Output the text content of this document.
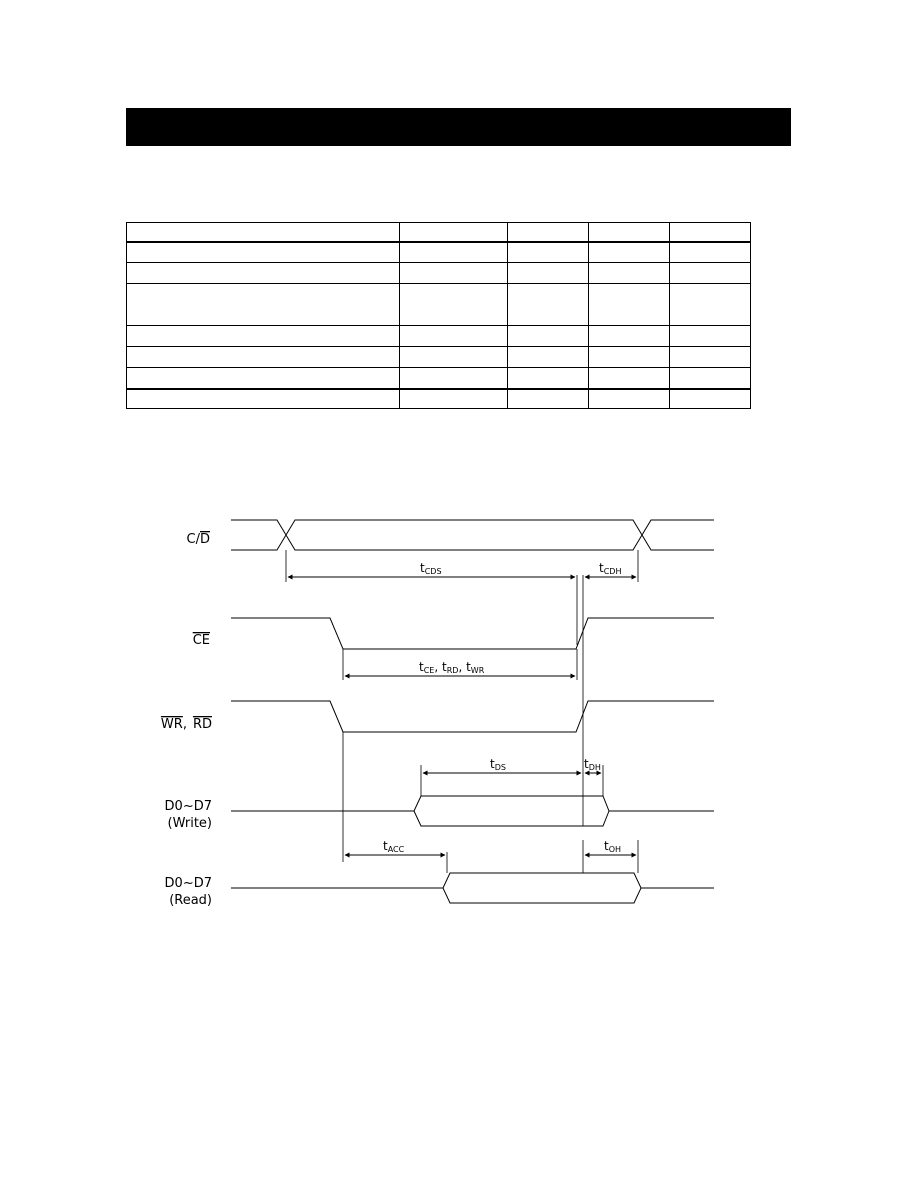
C/D
CE
WR, RD
D0~D7
(Write)
D0~D7
(Read)
tCDS	tCDH
tCE, tRD, tWR
tDS	tDH
tACC	tOH
